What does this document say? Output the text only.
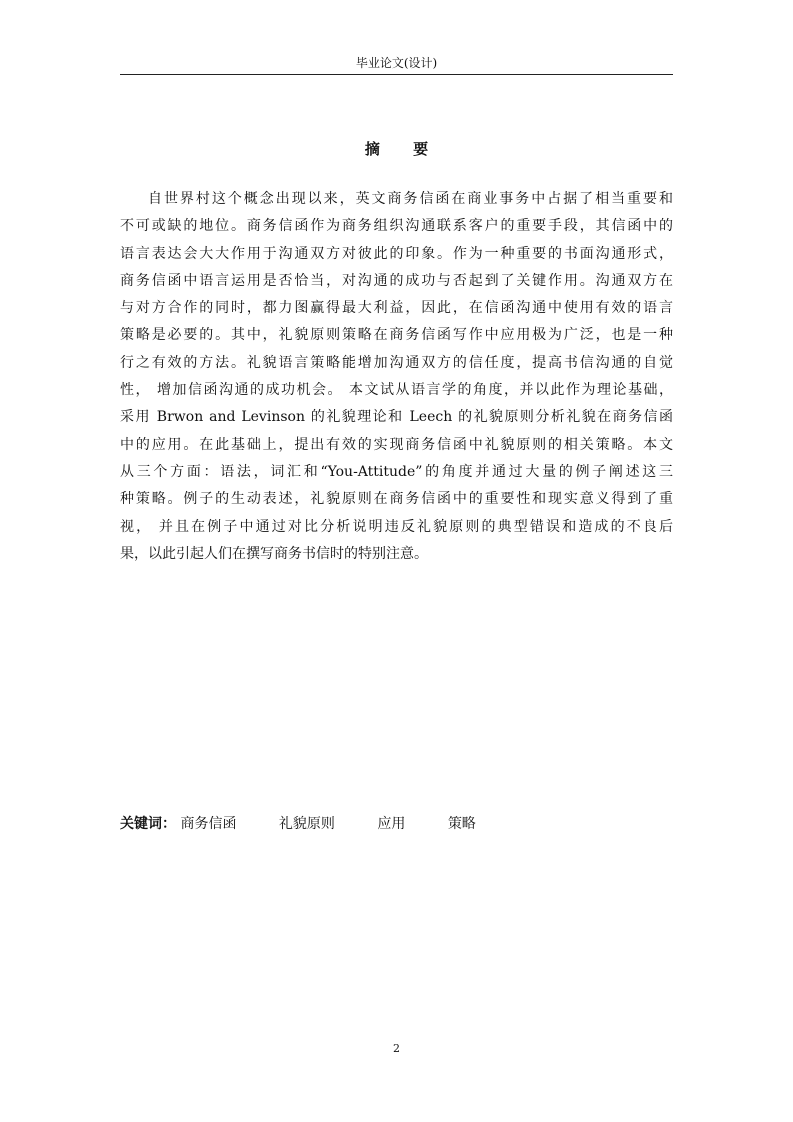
毕业论文(设计)
摘 要
自世界村这个概念出现以来，英文商务信函在商业事务中占据了相当重要和
不可或缺的地位。商务信函作为商务组织沟通联系客户的重要手段，其信函中的
语言表达会大大作用于沟通双方对彼此的印象。作为一种重要的书面沟通形式，
商务信函中语言运用是否恰当，对沟通的成功与否起到了关键作用。沟通双方在
与对方合作的同时，都力图赢得最大利益，因此，在信函沟通中使用有效的语言
策略是必要的。其中，礼貌原则策略在商务信函写作中应用极为广泛，也是一种
行之有效的方法。礼貌语言策略能增加沟通双方的信任度，提高书信沟通的自觉
性， 增加信函沟通的成功机会。 本文试从语言学的角度，并以此作为理论基础，
采用 Brwon and Levinson 的礼貌理论和 Leech 的礼貌原则分析礼貌在商务信函
中的应用。在此基础上，提出有效的实现商务信函中礼貌原则的相关策略。本文
从三个方面：语法，词汇和“You-Attitude”的角度并通过大量的例子阐述这三
种策略。例子的生动表述，礼貌原则在商务信函中的重要性和现实意义得到了重
视， 并且在例子中通过对比分析说明违反礼貌原则的典型错误和造成的不良后
果，以此引起人们在撰写商务书信时的特别注意。
关键词： 商务信函	礼貌原则	应用	策略
2
